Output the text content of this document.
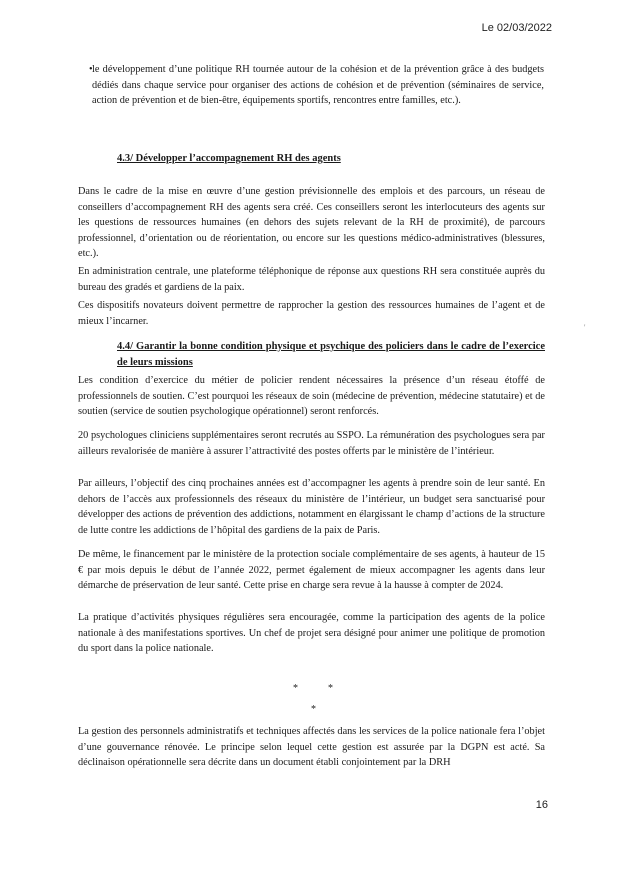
Le 02/03/2022
• le développement d’une politique RH tournée autour de la cohésion et de la prévention grâce à des budgets dédiés dans chaque service pour organiser des actions de cohésion et de prévention (séminaires de service, action de prévention et de bien-être, équipements sportifs, rencontres entre familles, etc.).

4.3/ Développer l’accompagnement RH des agents

Dans le cadre de la mise en œuvre d’une gestion prévisionnelle des emplois et des parcours, un réseau de conseillers d’accompagnement RH des agents sera créé. Ces conseillers seront les interlocuteurs des agents sur les questions de ressources humaines (en dehors des sujets relevant de la RH de proximité), de parcours professionnel, d’orientation ou de réorientation, ou encore sur les questions médico-administratives (blessures, etc.).

En administration centrale, une plateforme téléphonique de réponse aux questions RH sera constituée auprès du bureau des gradés et gardiens de la paix.

Ces dispositifs novateurs doivent permettre de rapprocher la gestion des ressources humaines de l’agent et de mieux l’incarner.

'
4.4/ Garantir la bonne condition physique et psychique des policiers dans le cadre de l’exercice de leurs missions

Les condition d’exercice du métier de policier rendent nécessaires la présence d’un réseau étoffé de professionnels de soutien. C’est pourquoi les réseaux de soin (médecine de prévention, médecine statutaire) et de soutien (service de soutien psychologique opérationnel) seront renforcés.

20 psychologues cliniciens supplémentaires seront recrutés au SSPO. La rémunération des psychologues sera par ailleurs revalorisée de manière à assurer l’attractivité des postes offerts par le ministère de l’intérieur.

Par ailleurs, l’objectif des cinq prochaines années est d’accompagner les agents à prendre soin de leur santé. En dehors de l’accès aux professionnels des réseaux du ministère de l’intérieur, un budget sera sanctuarisé pour développer des actions de prévention des addictions, notamment en élargissant le champ d’actions de la structure de lutte contre les addictions de l’hôpital des gardiens de la paix de Paris.

De même, le financement par le ministère de la protection sociale complémentaire de ses agents, à hauteur de 15 € par mois depuis le début de l’année 2022, permet également de mieux accompagner les agents dans leur démarche de préservation de leur santé. Cette prise en charge sera revue à la hausse à compter de 2024.

La pratique d’activités physiques régulières sera encouragée, comme la participation des agents de la police nationale à des manifestations sportives. Un chef de projet sera désigné pour animer une politique de promotion du sport dans la police nationale.

*	*
*

La gestion des personnels administratifs et techniques affectés dans les services de la police nationale fera l’objet d’une gouvernance rénovée. Le principe selon lequel cette gestion est assurée par la DGPN est acté. Sa déclinaison opérationnelle sera décrite dans un document établi conjointement par la DRH

16
